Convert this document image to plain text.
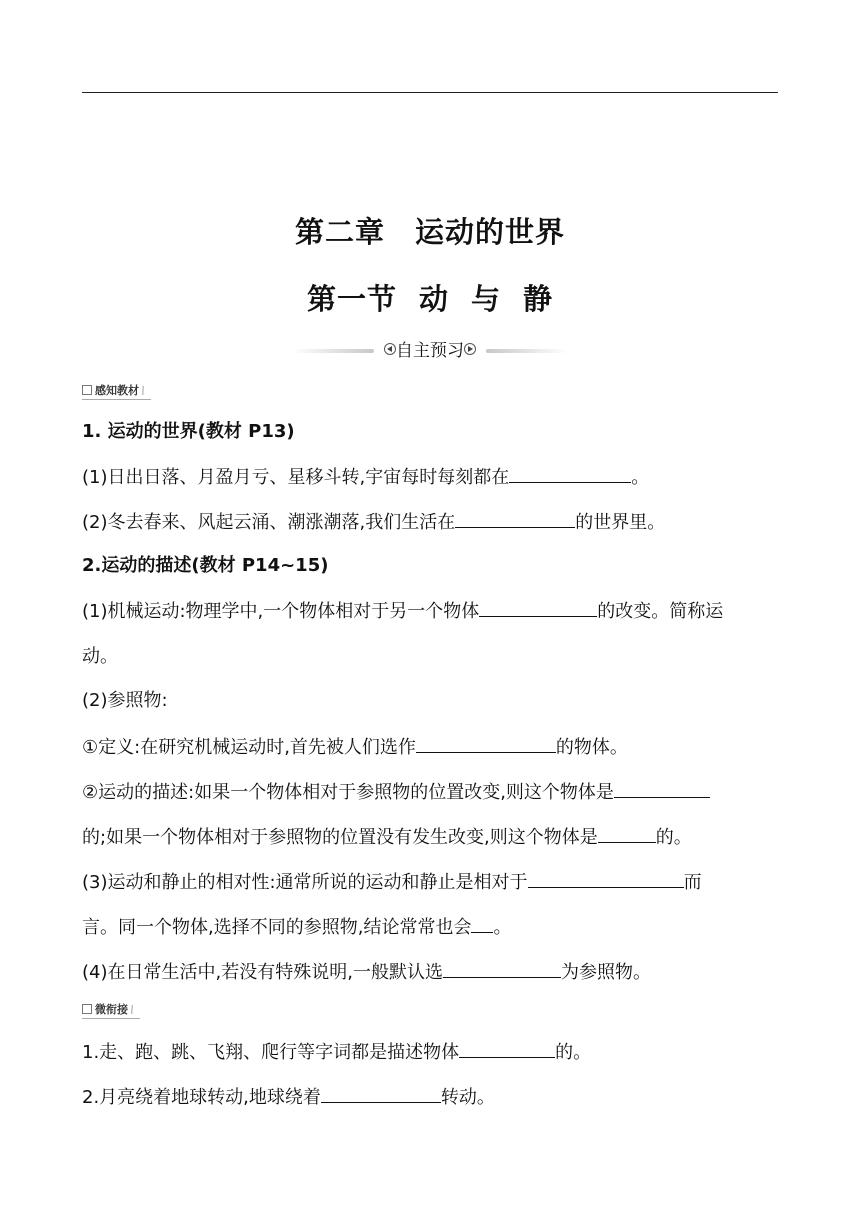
第二章　运动的世界
第一节 动 与 静
自主预习
感知教材\
1. 运动的世界(教材 P13)
(1)日出日落、月盈月亏、星移斗转,宇宙每时每刻都在	。
(2)冬去春来、风起云涌、潮涨潮落,我们生活在	的世界里。
2.运动的描述(教材 P14~15)
(1)机械运动:物理学中,一个物体相对于另一个物体	的改变。简称运
动。
(2)参照物:
①定义:在研究机械运动时,首先被人们选作	的物体。
②运动的描述:如果一个物体相对于参照物的位置改变,则这个物体是
的;如果一个物体相对于参照物的位置没有发生改变,则这个物体是	的。
(3)运动和静止的相对性:通常所说的运动和静止是相对于	而
言。同一个物体,选择不同的参照物,结论常常也会 。
(4)在日常生活中,若没有特殊说明,一般默认选	为参照物。
微衔接\
1.走、跑、跳、飞翔、爬行等字词都是描述物体	的。
2.月亮绕着地球转动,地球绕着	转动。
